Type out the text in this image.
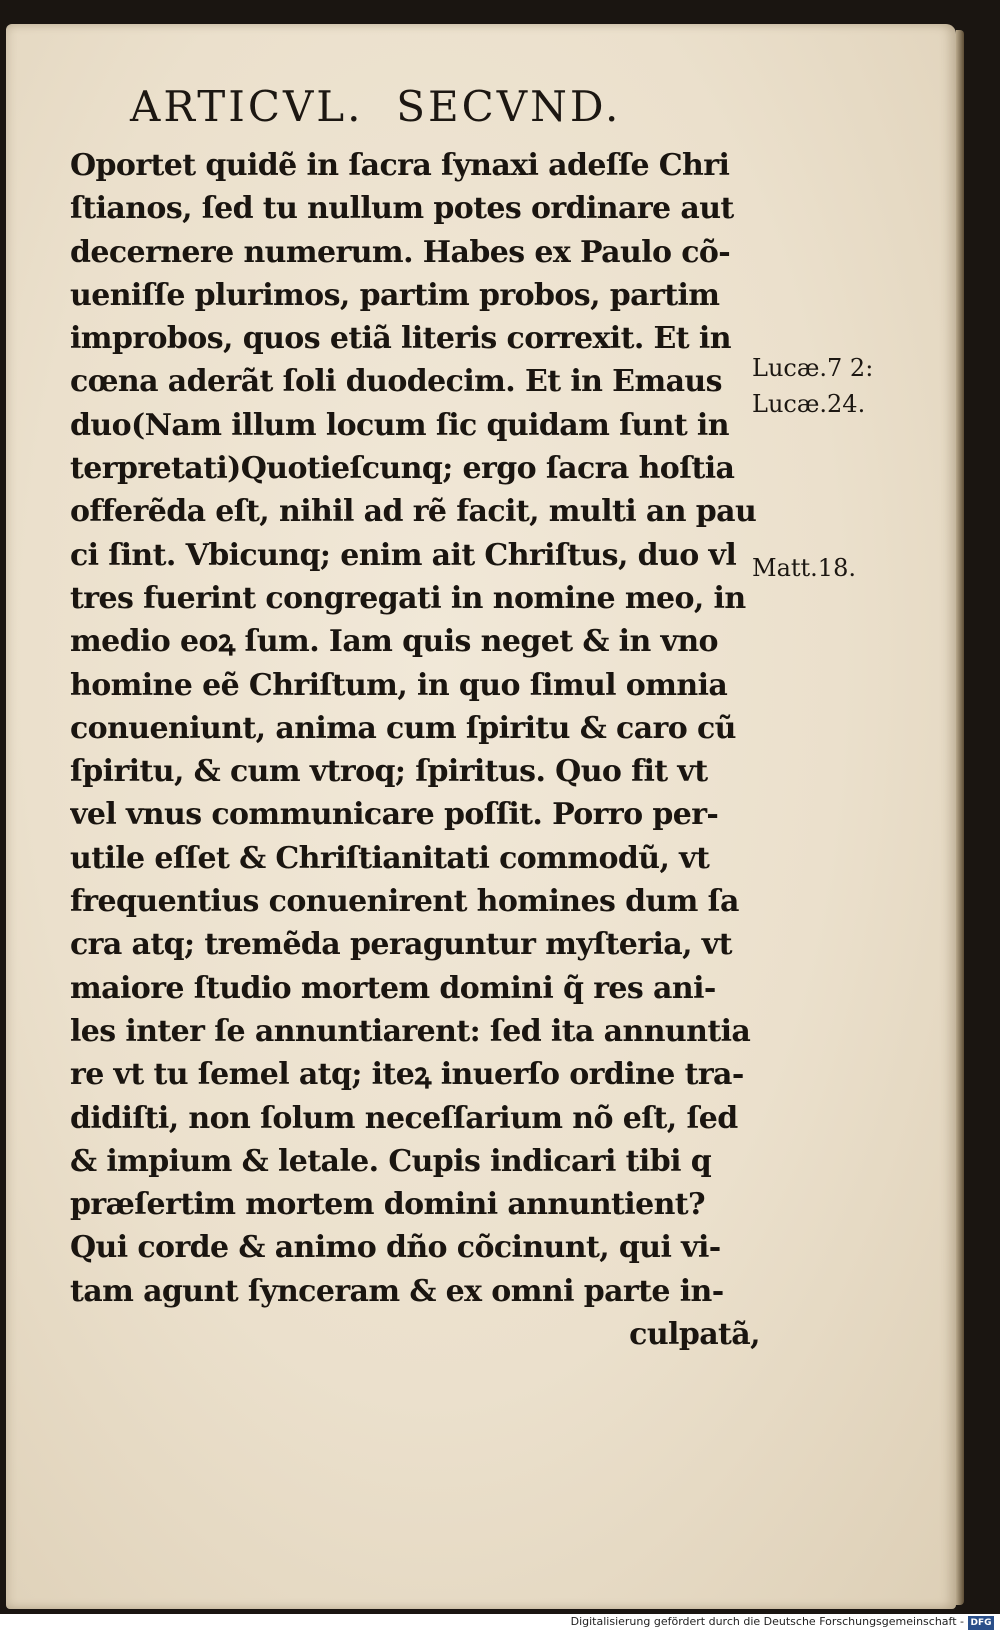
ARTICVL.  SECVND.
Oportet quidẽ in ſacra ſynaxi adeſſe Chri
ſtianos, ſed tu nullum potes ordinare aut
decernere numerum. Habes ex Paulo cõ-
ueniſſe plurimos, partim probos, partim
improbos, quos etiã literis correxit. Et in
cœna aderãt ſoli duodecim. Et in Emaus
duo(Nam illum locum ſic quidam ſunt in
terpretati)Quotieſcunq; ergo ſacra hoſtia
offerẽda eſt, nihil ad rẽ facit, multi an pau
ci ſint. Vbicunq; enim ait Chriſtus, duo vl
tres fuerint congregati in nomine meo, in
medio eoꝝ ſum. Iam quis neget & in vno
homine eẽ Chriſtum, in quo ſimul omnia
conueniunt, anima cum ſpiritu & caro cũ
ſpiritu, & cum vtroq; ſpiritus. Quo fit vt
vel vnus communicare poſſit. Porro per-
utile eſſet & Chriſtianitati commodũ, vt
frequentius conuenirent homines dum ſa
cra atq; tremẽda peraguntur myſteria, vt
maiore ſtudio mortem domini q̃ res ani-
les inter ſe annuntiarent: ſed ita annuntia
re vt tu ſemel atq; iteꝝ inuerſo ordine tra-
didiſti, non ſolum neceſſarium nõ eſt, ſed
& impium & letale. Cupis indicari tibi q
præſertim mortem domini annuntient?
Qui corde & animo dño cõcinunt, qui vi-
tam agunt ſynceram & ex omni parte in-
culpatã,
Lucæ.7 2:
Lucæ.24.
Matt.18.
Digitalisierung gefördert durch die Deutsche Forschungsgemeinschaft - DFG
